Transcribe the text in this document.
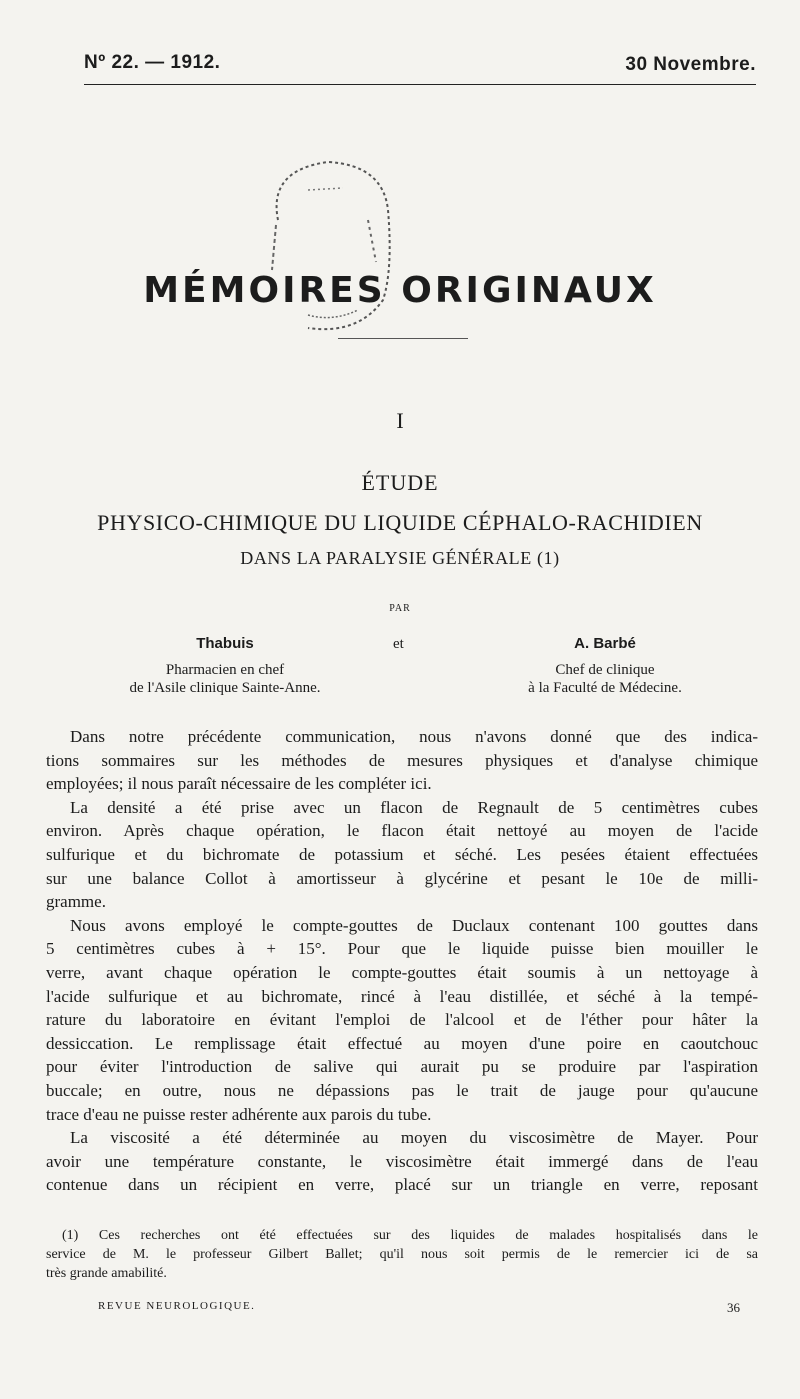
Nº 22. — 1912.	30 Novembre.
MÉMOIRES ORIGINAUX
I
ÉTUDE
PHYSICO-CHIMIQUE DU LIQUIDE CÉPHALO-RACHIDIEN
DANS LA PARALYSIE GÉNÉRALE (1)
PAR
Thabuis
Pharmacien en chef
de l'Asile clinique Sainte-Anne.
et	A. Barbé
Chef de clinique
à la Faculté de Médecine.
Dans notre précédente communication, nous n'avons donné que des indica-
tions sommaires sur les méthodes de mesures physiques et d'analyse chimique
employées; il nous paraît nécessaire de les compléter ici.
La densité a été prise avec un flacon de Regnault de 5 centimètres cubes
environ. Après chaque opération, le flacon était nettoyé au moyen de l'acide
sulfurique et du bichromate de potassium et séché. Les pesées étaient effectuées
sur une balance Collot à amortisseur à glycérine et pesant le 10e de milli-
gramme.
Nous avons employé le compte-gouttes de Duclaux contenant 100 gouttes dans
5 centimètres cubes à + 15°. Pour que le liquide puisse bien mouiller le
verre, avant chaque opération le compte-gouttes était soumis à un nettoyage à
l'acide sulfurique et au bichromate, rincé à l'eau distillée, et séché à la tempé-
rature du laboratoire en évitant l'emploi de l'alcool et de l'éther pour hâter la
dessiccation. Le remplissage était effectué au moyen d'une poire en caoutchouc
pour éviter l'introduction de salive qui aurait pu se produire par l'aspiration
buccale; en outre, nous ne dépassions pas le trait de jauge pour qu'aucune
trace d'eau ne puisse rester adhérente aux parois du tube.
La viscosité a été déterminée au moyen du viscosimètre de Mayer. Pour
avoir une température constante, le viscosimètre était immergé dans de l'eau
contenue dans un récipient en verre, placé sur un triangle en verre, reposant
(1) Ces recherches ont été effectuées sur des liquides de malades hospitalisés dans le
service de M. le professeur Gilbert Ballet; qu'il nous soit permis de le remercier ici de sa
très grande amabilité.
REVUE NEUROLOGIQUE.	36
